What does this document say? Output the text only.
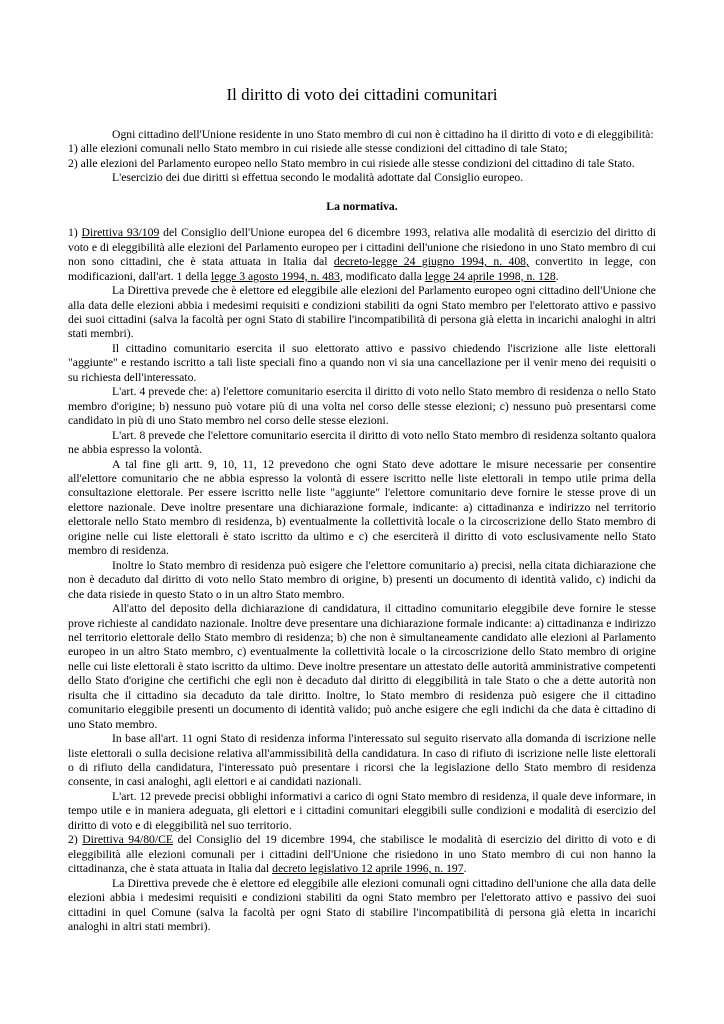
Il diritto di voto dei cittadini comunitari

Ogni cittadino dell'Unione residente in uno Stato membro di cui non è cittadino ha il diritto di voto e di eleggibilità:

1) alle elezioni comunali nello Stato membro in cui risiede alle stesse condizioni del cittadino di tale Stato;

2) alle elezioni del Parlamento europeo nello Stato membro in cui risiede alle stesse condizioni del cittadino di tale Stato.

L'esercizio dei due diritti si effettua secondo le modalità adottate dal Consiglio europeo.

La normativa.

1) Direttiva 93/109 del Consiglio dell'Unione europea del 6 dicembre 1993, relativa alle modalità di esercizio del diritto di voto e di eleggibilità alle elezioni del Parlamento europeo per i cittadini dell'unione che risiedono in uno Stato membro di cui non sono cittadini, che è stata attuata in Italia dal decreto-legge 24 giugno 1994, n. 408, convertito in legge, con modificazioni, dall'art. 1 della legge 3 agosto 1994, n. 483, modificato dalla legge 24 aprile 1998, n. 128.

La Direttiva prevede che è elettore ed eleggibile alle elezioni del Parlamento europeo ogni cittadino dell'Unione che alla data delle elezioni abbia i medesimi requisiti e condizioni stabiliti da ogni Stato membro per l'elettorato attivo e passivo dei suoi cittadini (salva la facoltà per ogni Stato di stabilire l'incompatibilità di persona già eletta in incarichi analoghi in altri stati membri).

Il cittadino comunitario esercita il suo elettorato attivo e passivo chiedendo l'iscrizione alle liste elettorali "aggiunte" e restando iscritto a tali liste speciali fino a quando non vi sia una cancellazione per il venir meno dei requisiti o su richiesta dell'interessato.

L'art. 4 prevede che: a) l'elettore comunitario esercita il diritto di voto nello Stato membro di residenza o nello Stato membro d'origine; b) nessuno può votare più di una volta nel corso delle stesse elezioni; c) nessuno può presentarsi come candidato in più di uno Stato membro nel corso delle stesse elezioni.

L'art. 8 prevede che l'elettore comunitario esercita il diritto di voto nello Stato membro di residenza soltanto qualora ne abbia espresso la volontà.

A tal fine gli artt. 9, 10, 11, 12 prevedono che ogni Stato deve adottare le misure necessarie per consentire all'elettore comunitario che ne abbia espresso la volontà di essere iscritto nelle liste elettorali in tempo utile prima della consultazione elettorale. Per essere iscritto nelle liste "aggiunte" l'elettore comunitario deve fornire le stesse prove di un elettore nazionale. Deve inoltre presentare una dichiarazione formale, indicante: a) cittadinanza e indirizzo nel territorio elettorale nello Stato membro di residenza, b) eventualmente la collettività locale o la circoscrizione dello Stato membro di origine nelle cui liste elettorali è stato iscritto da ultimo e c) che eserciterà il diritto di voto esclusivamente nello Stato membro di residenza.

Inoltre lo Stato membro di residenza può esigere che l'elettore comunitario a) precisi, nella citata dichiarazione che non è decaduto dal diritto di voto nello Stato membro di origine, b) presenti un documento di identità valido, c) indichi da che data risiede in questo Stato o in un altro Stato membro.

All'atto del deposito della dichiarazione di candidatura, il cittadino comunitario eleggibile deve fornire le stesse prove richieste al candidato nazionale. Inoltre deve presentare una dichiarazione formale indicante: a) cittadinanza e indirizzo nel territorio elettorale dello Stato membro di residenza; b) che non è simultaneamente candidato alle elezioni al Parlamento europeo in un altro Stato membro, c) eventualmente la collettività locale o la circoscrizione dello Stato membro di origine nelle cui liste elettorali è stato iscritto da ultimo. Deve inoltre presentare un attestato delle autorità amministrative competenti dello Stato d'origine che certifichi che egli non è decaduto dal diritto di eleggibilità in tale Stato o che a dette autorità non risulta che il cittadino sia decaduto da tale diritto. Inoltre, lo Stato membro di residenza può esigere che il cittadino comunitario eleggibile presenti un documento di identità valido; può anche esigere che egli indichi da che data è cittadino di uno Stato membro.

In base all'art. 11 ogni Stato di residenza informa l'interessato sul seguito riservato alla domanda di iscrizione nelle liste elettorali o sulla decisione relativa all'ammissibilità della candidatura. In caso di rifiuto di iscrizione nelle liste elettorali o di rifiuto della candidatura, l'interessato può presentare i ricorsi che la legislazione dello Stato membro di residenza consente, in casi analoghi, agli elettori e ai candidati nazionali.

L'art. 12 prevede precisi obblighi informativi a carico di ogni Stato membro di residenza, il quale deve informare, in tempo utile e in maniera adeguata, gli elettori e i cittadini comunitari eleggibili sulle condizioni e modalità di esercizio del diritto di voto e di eleggibilità nel suo territorio.

2) Direttiva 94/80/CE del Consiglio del 19 dicembre 1994, che stabilisce le modalità di esercizio del diritto di voto e di eleggibilità alle elezioni comunali per i cittadini dell'Unione che risiedono in uno Stato membro di cui non hanno la cittadinanza, che è stata attuata in Italia dal decreto legislativo 12 aprile 1996, n. 197.

La Direttiva prevede che è elettore ed eleggibile alle elezioni comunali ogni cittadino dell'unione che alla data delle elezioni abbia i medesimi requisiti e condizioni stabiliti da ogni Stato membro per l'elettorato attivo e passivo dei suoi cittadini in quel Comune (salva la facoltà per ogni Stato di stabilire l'incompatibilità di persona già eletta in incarichi analoghi in altri stati membri).
